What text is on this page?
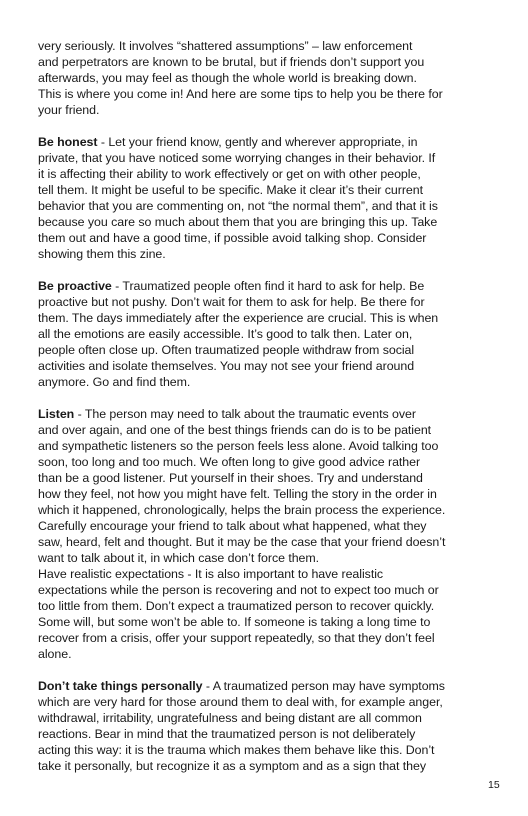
very seriously. It involves “shattered assumptions” – law enforcement
and perpetrators are known to be brutal, but if friends don’t support you
afterwards, you may feel as though the whole world is breaking down.
This is where you come in! And here are some tips to help you be there for
your friend.
Be honest - Let your friend know, gently and wherever appropriate, in
private, that you have noticed some worrying changes in their behavior. If
it is affecting their ability to work effectively or get on with other people,
tell them. It might be useful to be specific. Make it clear it’s their current
behavior that you are commenting on, not “the normal them”, and that it is
because you care so much about them that you are bringing this up. Take
them out and have a good time, if possible avoid talking shop. Consider
showing them this zine.
Be proactive - Traumatized people often find it hard to ask for help. Be
proactive but not pushy. Don’t wait for them to ask for help. Be there for
them. The days immediately after the experience are crucial. This is when
all the emotions are easily accessible. It’s good to talk then. Later on,
people often close up. Often traumatized people withdraw from social
activities and isolate themselves. You may not see your friend around
anymore. Go and find them.
Listen - The person may need to talk about the traumatic events over
and over again, and one of the best things friends can do is to be patient
and sympathetic listeners so the person feels less alone. Avoid talking too
soon, too long and too much. We often long to give good advice rather
than be a good listener. Put yourself in their shoes. Try and understand
how they feel, not how you might have felt. Telling the story in the order in
which it happened, chronologically, helps the brain process the experience.
Carefully encourage your friend to talk about what happened, what they
saw, heard, felt and thought. But it may be the case that your friend doesn’t
want to talk about it, in which case don’t force them.
Have realistic expectations - It is also important to have realistic
expectations while the person is recovering and not to expect too much or
too little from them. Don’t expect a traumatized person to recover quickly.
Some will, but some won’t be able to. If someone is taking a long time to
recover from a crisis, offer your support repeatedly, so that they don’t feel
alone.
Don’t take things personally - A traumatized person may have symptoms
which are very hard for those around them to deal with, for example anger,
withdrawal, irritability, ungratefulness and being distant are all common
reactions. Bear in mind that the traumatized person is not deliberately
acting this way: it is the trauma which makes them behave like this. Don’t
take it personally, but recognize it as a symptom and as a sign that they
15
